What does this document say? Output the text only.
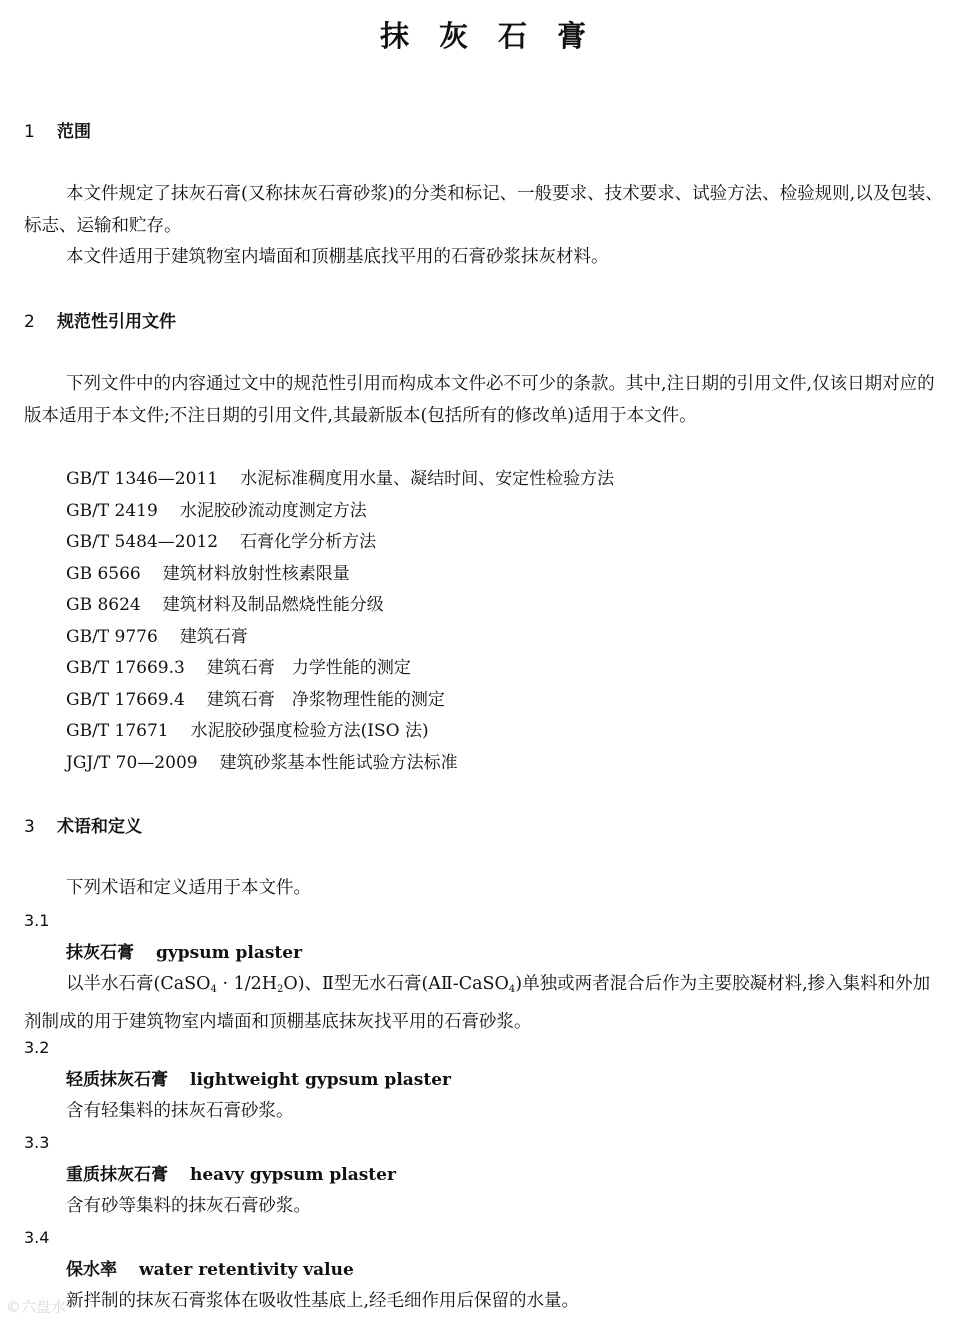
抹灰石膏
1 范围
本文件规定了抹灰石膏(又称抹灰石膏砂浆)的分类和标记、一般要求、技术要求、试验方法、检验规则,以及包装、标志、运输和贮存。
本文件适用于建筑物室内墙面和顶棚基底找平用的石膏砂浆抹灰材料。
2 规范性引用文件
下列文件中的内容通过文中的规范性引用而构成本文件必不可少的条款。其中,注日期的引用文件,仅该日期对应的版本适用于本文件;不注日期的引用文件,其最新版本(包括所有的修改单)适用于本文件。
GB/T 1346—2011 水泥标准稠度用水量、凝结时间、安定性检验方法
GB/T 2419 水泥胶砂流动度测定方法
GB/T 5484—2012 石膏化学分析方法
GB 6566 建筑材料放射性核素限量
GB 8624 建筑材料及制品燃烧性能分级
GB/T 9776 建筑石膏
GB/T 17669.3 建筑石膏　力学性能的测定
GB/T 17669.4 建筑石膏　净浆物理性能的测定
GB/T 17671 水泥胶砂强度检验方法(ISO 法)
JGJ/T 70—2009 建筑砂浆基本性能试验方法标准
3 术语和定义
下列术语和定义适用于本文件。
3.1
抹灰石膏 gypsum plaster
以半水石膏(CaSO$_4$ · $1/2H_2O$)、Ⅱ型无水石膏(AⅡ-CaSO$_4$)单独或两者混合后作为主要胶凝材料,掺入集料和外加剂制成的用于建筑物室内墙面和顶棚基底抹灰找平用的石膏砂浆。
3.2
轻质抹灰石膏 lightweight gypsum plaster
含有轻集料的抹灰石膏砂浆。
3.3
重质抹灰石膏 heavy gypsum plaster
含有砂等集料的抹灰石膏砂浆。
3.4
保水率 water retentivity value
新拌制的抹灰石膏浆体在吸收性基底上,经毛细作用后保留的水量。
©六盘水
